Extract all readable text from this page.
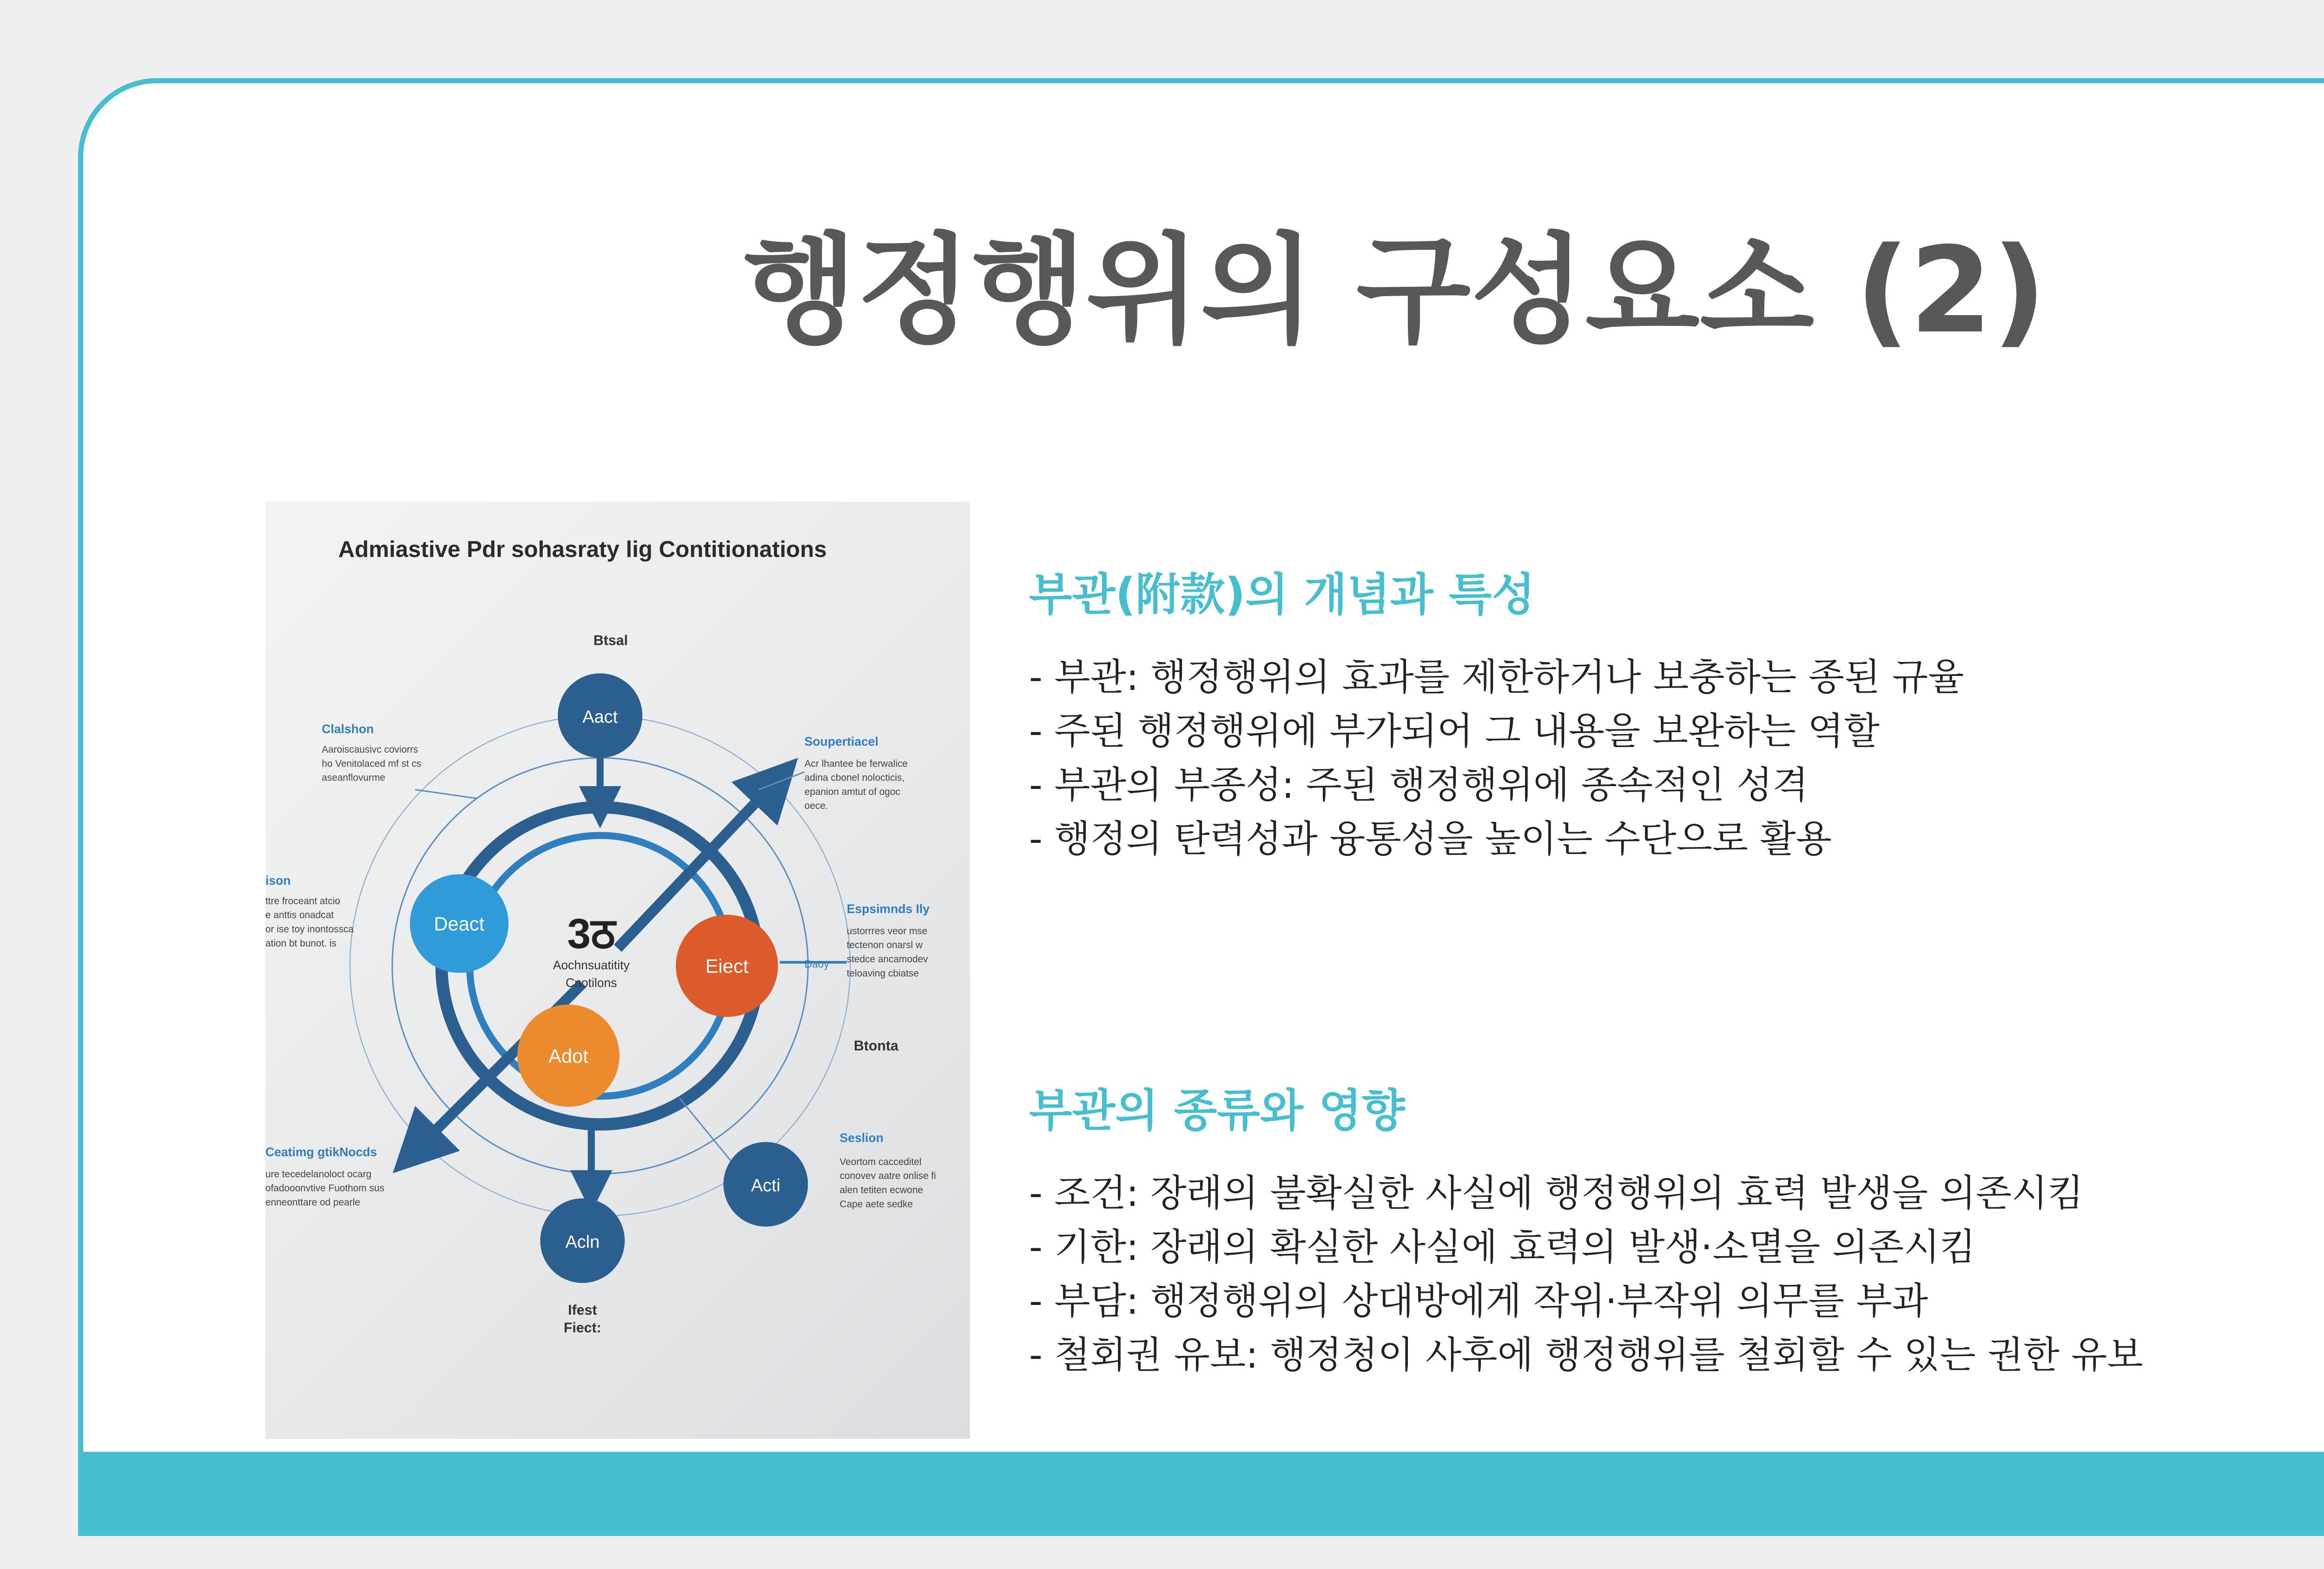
행정행위의 구성요소 (2)
Admiastive Pdr sohasraty lig Contitionations
Btsal
Aact
Deact
Eiect
Adot
Acln
Acti
3ठ
Aochnsuatitity
Cnotilons
Daoy
Btonta
Ifest
Fiect:
Clalshon
Aaroiscausivc coviorrs
ho Venitolaced mf st cs
aseanflovurme
ison
ttre froceant atcio
e anttis onadcat
or ise toy inontossca
ation bt bunot. is
Ceatimg gtikNocds
ure tecedelanoloct ocarg
ofadooonvtive Fuothom sus
enneonttare od pearle
Soupertiacel
Acr lhantee be ferwalice
adina cbonel nolocticis,
epanion amtut of ogoc
oece.
Espsimnds Ily
ustorrres veor mse
tectenon onarsl w
stedce ancamodev
teloaving cbiatse
Seslion
Veortom cacceditel
conovev aatre onlise fi
alen tetiten ecwone
Cape aete sedke
부관(附款)의 개념과 특성
- 부관: 행정행위의 효과를 제한하거나 보충하는 종된 규율
- 주된 행정행위에 부가되어 그 내용을 보완하는 역할
- 부관의 부종성: 주된 행정행위에 종속적인 성격
- 행정의 탄력성과 융통성을 높이는 수단으로 활용
부관의 종류와 영향
- 조건: 장래의 불확실한 사실에 행정행위의 효력 발생을 의존시킴
- 기한: 장래의 확실한 사실에 효력의 발생·소멸을 의존시킴
- 부담: 행정행위의 상대방에게 작위·부작위 의무를 부과
- 철회권 유보: 행정청이 사후에 행정행위를 철회할 수 있는 권한 유보
